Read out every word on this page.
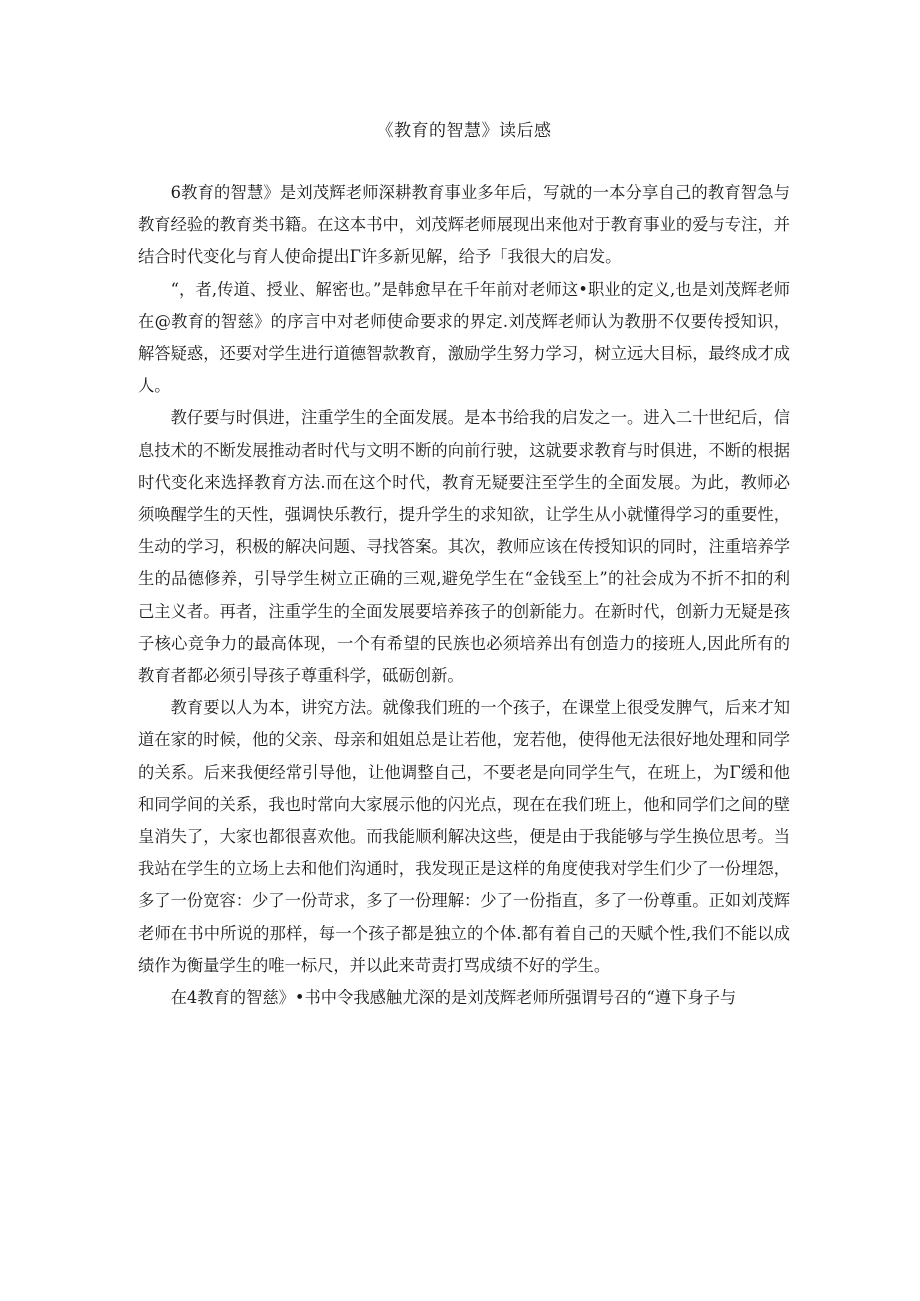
《教育的智慧》读后感

6教育的智慧》是刘茂辉老师深耕教育事业多年后，写就的一本分享自己的教育智急与教育经验的教育类书籍。在这本书中，刘茂辉老师展现出来他对于教育事业的爱与专注，并结合时代变化与育人使命提出Γ许多新见解，给予「我很大的启发。

“，者,传道、授业、解密也。”是韩愈早在千年前对老师这•职业的定义,也是刘茂辉老师在@教育的智慈》的序言中对老师使命要求的界定.刘茂辉老师认为教册不仅要传授知识，解答疑惑，还要对学生进行道德智款教育，激励学生努力学习，树立远大目标，最终成才成人。

教仔要与时俱进，注重学生的全面发展。是本书给我的启发之一。进入二十世纪后，信息技术的不断发展推动者时代与文明不断的向前行驶，这就要求教育与时俱进，不断的根据时代变化来选择教育方法.而在这个时代，教育无疑要注至学生的全面发展。为此，教师必须唤醒学生的天性，强调快乐教行，提升学生的求知欲，让学生从小就懂得学习的重要性，生动的学习，积极的解决问题、寻找答案。其次，教师应该在传授知识的同时，注重培养学生的品德修养，引导学生树立正确的三观,避免学生在“金钱至上”的社会成为不折不扣的利己主义者。再者，注重学生的全面发展要培养孩子的创新能力。在新时代，创新力无疑是孩子核心竞争力的最高体现，一个有希望的民族也必须培养出有创造力的接班人,因此所有的教育者都必须引导孩子尊重科学，砥砺创新。

教育要以人为本，讲究方法。就像我们班的一个孩子，在课堂上很受发脾气，后来才知道在家的时候，他的父亲、母亲和姐姐总是让若他，宠若他，使得他无法很好地处理和同学的关系。后来我便经常引导他，让他调整自己，不要老是向同学生气，在班上，为Γ缓和他和同学间的关系，我也时常向大家展示他的闪光点，现在在我们班上，他和同学们之间的壁皇消失了，大家也都很喜欢他。而我能顺利解决这些，便是由于我能够与学生换位思考。当我站在学生的立场上去和他们沟通时，我发现正是这样的角度使我对学生们少了一份埋怨，多了一份宽容：少了一份苛求，多了一份理解：少了一份指直，多了一份尊重。正如刘茂辉老师在书中所说的那样，每一个孩子都是独立的个体.都有着自己的天赋个性,我们不能以成绩作为衡量学生的唯一标尺，并以此来苛责打骂成绩不好的学生。

在4教育的智慈》•书中令我感触尤深的是刘茂辉老师所强谓号召的“遵下身子与
